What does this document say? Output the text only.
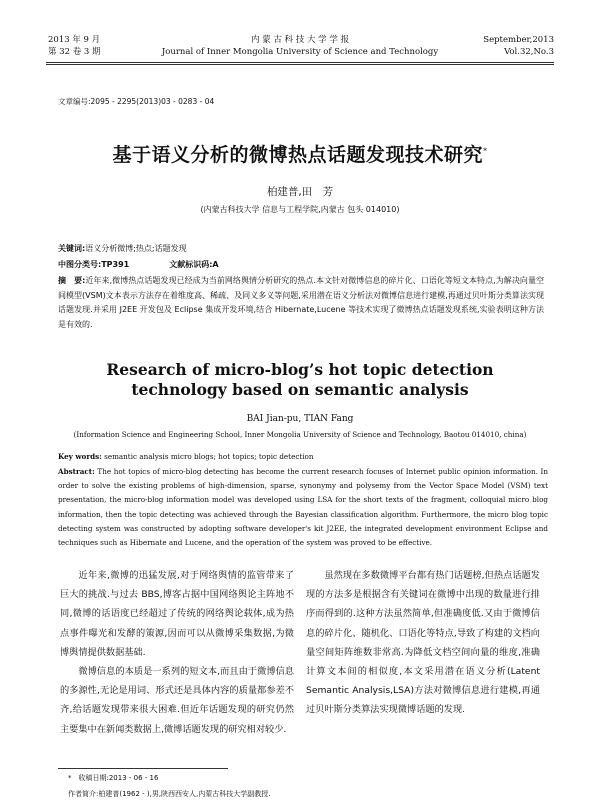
2013 年 9 月
第 32 卷 3 期
内 蒙 古 科 技 大 学 学 报
Journal of Inner Mongolia University of Science and Technology
September,2013
Vol.32,No.3
文章编号:2095 - 2295(2013)03 - 0283 - 04
基于语义分析的微博热点话题发现技术研究*
柏建普,田　芳
(内蒙古科技大学 信息与工程学院,内蒙古 包头 014010)
关键词:语义分析微博;热点;话题发现
中图分类号:TP391	文献标识码:A
摘　要:近年来,微博热点话题发现已经成为当前网络舆情分析研究的热点.本文针对微博信息的碎片化、口语化等短文本特点,为解决向量空间模型(VSM)文本表示方法存在着维度高、稀疏、及同义多义等问题,采用潜在语义分析法对微博信息进行建模,再通过贝叶斯分类算法实现话题发现.并采用 J2EE 开发包及 Eclipse 集成开发环境,结合 Hibernate,Lucene 等技术实现了微博热点话题发现系统,实验表明这种方法是有效的.
Research of micro-blog’s hot topic detection technology based on semantic analysis
BAI Jian-pu, TIAN Fang
(Information Science and Engineering School, Inner Mongolia University of Science and Technology, Baotou 014010, china)
Key words: semantic analysis micro blogs; hot topics; topic detection
Abstract: The hot topics of micro-blog detecting has become the current research focuses of Internet public opinion information. In order to solve the existing problems of high-dimension, sparse, synonymy and polysemy from the Vector Space Model (VSM) text presentation, the micro-blog information model was developed using LSA for the short texts of the fragment, colloquial micro blog information, then the topic detecting was achieved through the Bayesian classification algorithm. Furthermore, the micro blog topic detecting system was constructed by adopting software developer's kit J2EE, the integrated development environment Eclipse and techniques such as Hibernate and Lucene, and the operation of the system was proved to be effective.

近年来,微博的迅猛发展,对于网络舆情的监管带来了巨大的挑战.与过去 BBS,博客占据中国网络舆论主阵地不同,微博的话语度已经超过了传统的网络舆论载体,成为热点事件曝光和发酵的策源,因而可以从微博采集数据,为微博舆情提供数据基础.

微博信息的本质是一系列的短文本,而且由于微博信息的多源性,无论是用词、形式还是具体内容的质量都参差不齐,给话题发现带来很大困难.但近年话题发现的研究仍然主要集中在新闻类数据上,微博话题发现的研究相对较少.

虽然现在多数微博平台都有热门话题榜,但热点话题发现的方法多是根据含有关键词在微博中出现的数量进行排序而得到的.这种方法虽然简单,但准确度低.又由于微博信息的碎片化、随机化、口语化等特点,导致了构建的文档向量空间矩阵维数非常高.为降低文档空间向量的维度,准确计算文本间的相似度,本文采用潜在语义分析(Latent Semantic Analysis,LSA)方法对微博信息进行建模,再通过贝叶斯分类算法实现微博话题的发现.

*　收稿日期:2013 - 06 - 16
作者简介:柏建普(1962 - ),男,陕西西安人,内蒙古科技大学副教授.
